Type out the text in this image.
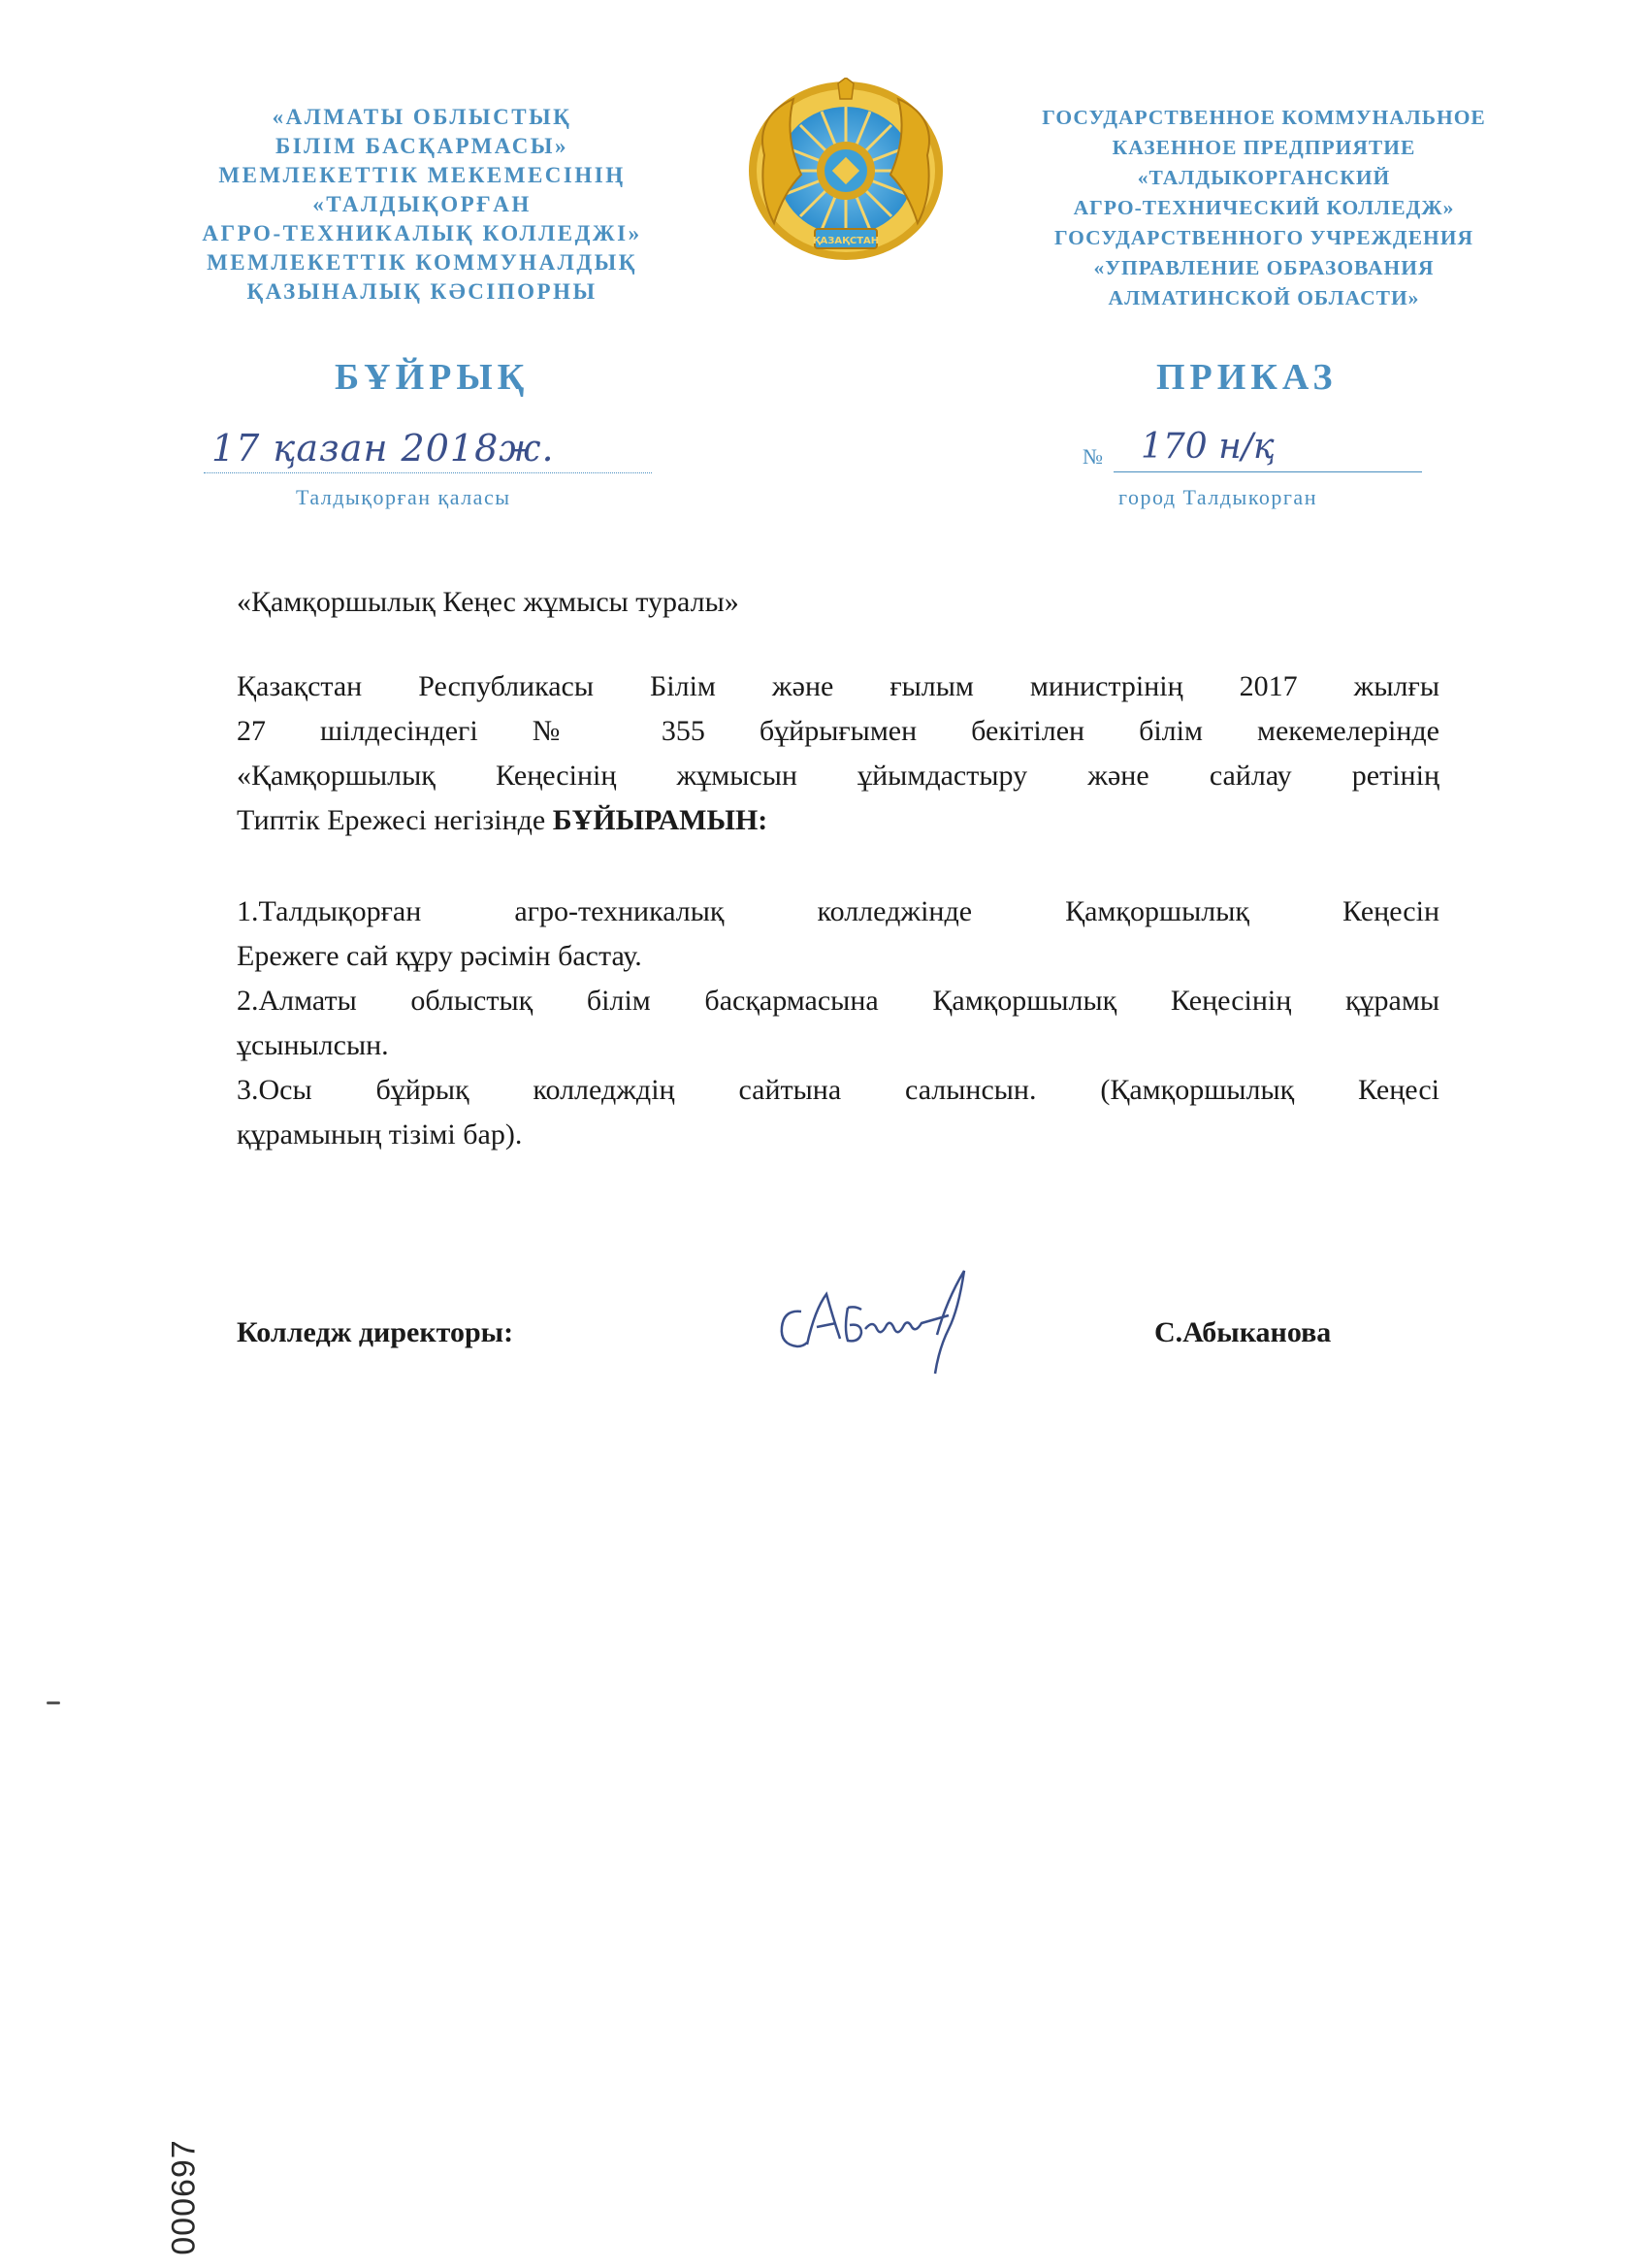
«АЛМАТЫ ОБЛЫСТЫҚ
БІЛІМ БАСҚАРМАСЫ»
МЕМЛЕКЕТТІК МЕКЕМЕСІНІҢ
«ТАЛДЫҚОРҒАН
АГРО-ТЕХНИКАЛЫҚ КОЛЛЕДЖІ»
МЕМЛЕКЕТТІК КОММУНАЛДЫҚ
ҚАЗЫНАЛЫҚ КӘСІПОРНЫ
ҚАЗАҚСТАН
ГОСУДАРСТВЕННОЕ КОММУНАЛЬНОЕ
КАЗЕННОЕ ПРЕДПРИЯТИЕ
«ТАЛДЫКОРГАНСКИЙ
АГРО-ТЕХНИЧЕСКИЙ КОЛЛЕДЖ»
ГОСУДАРСТВЕННОГО УЧРЕЖДЕНИЯ
«УПРАВЛЕНИЕ ОБРАЗОВАНИЯ
АЛМАТИНСКОЙ ОБЛАСТИ»
БҰЙРЫҚ	ПРИКАЗ
17 қазан 2018ж.
Талдықорған қаласы
№ 170 н/қ
город Талдыкорган
«Қамқоршылық Кеңес жұмысы туралы»
Қазақстан Республикасы Білім және ғылым министрінің 2017 жылғы
27 шілдесіндегі № 355 бұйрығымен бекітілен білім мекемелерінде
«Қамқоршылық Кеңесінің жұмысын ұйымдастыру және сайлау ретінің
Типтік Ережесі негізінде БҰЙЫРАМЫН:
1.Талдықорған агро-техникалық колледжінде Қамқоршылық Кеңесін
Ережеге сай құру рәсімін бастау.
2.Алматы облыстық білім басқармасына Қамқоршылық Кеңесінің құрамы
ұсынылсын.
3.Осы бұйрық колледждің сайтына салынсын. (Қамқоршылық Кеңесі
құрамының тізімі бар).
Колледж директоры:	С.Абыканова
000697
